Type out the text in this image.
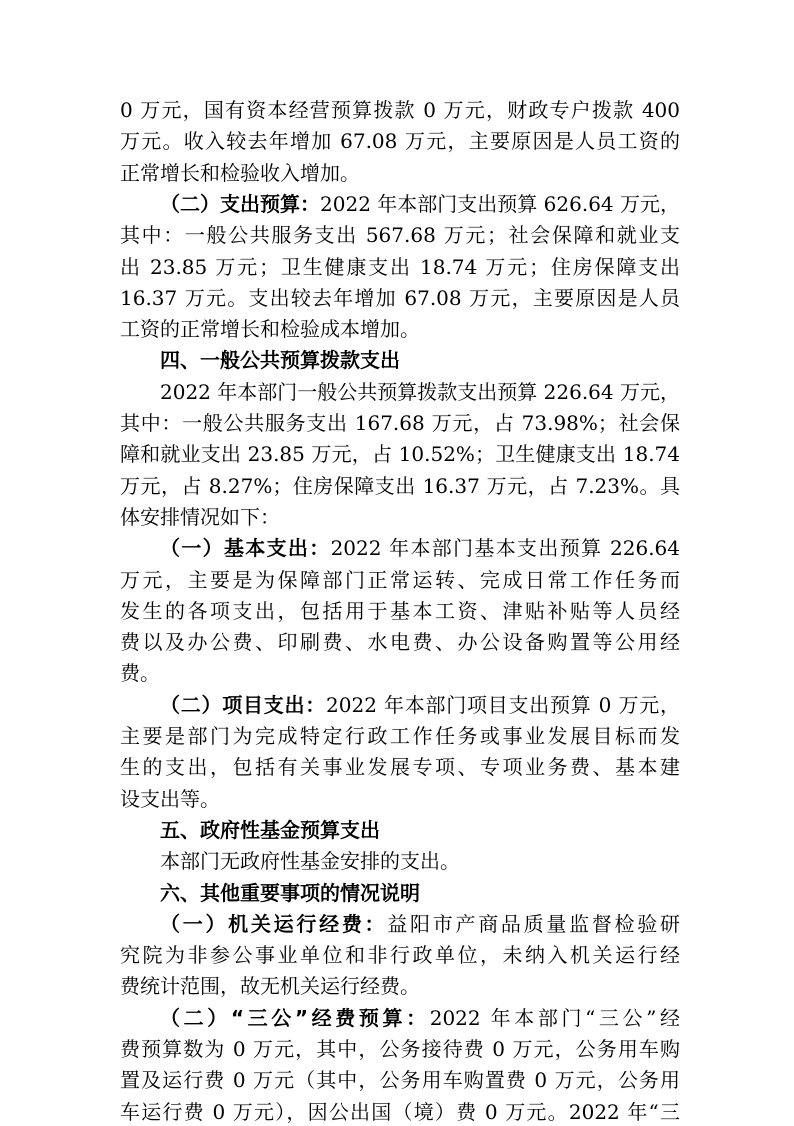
0 万元，国有资本经营预算拨款 0 万元，财政专户拨款 400
万元。收入较去年增加 67.08 万元，主要原因是人员工资的
正常增长和检验收入增加。
（二）支出预算：2022 年本部门支出预算 626.64 万元，
其中：一般公共服务支出 567.68 万元；社会保障和就业支
出 23.85 万元；卫生健康支出 18.74 万元；住房保障支出
16.37 万元。支出较去年增加 67.08 万元，主要原因是人员
工资的正常增长和检验成本增加。
四、一般公共预算拨款支出
2022 年本部门一般公共预算拨款支出预算 226.64 万元，
其中：一般公共服务支出 167.68 万元，占 73.98%；社会保
障和就业支出 23.85 万元，占 10.52%；卫生健康支出 18.74
万元，占 8.27%；住房保障支出 16.37 万元，占 7.23%。具
体安排情况如下：
（一）基本支出：2022 年本部门基本支出预算 226.64
万元，主要是为保障部门正常运转、完成日常工作任务而
发生的各项支出，包括用于基本工资、津贴补贴等人员经
费以及办公费、印刷费、水电费、办公设备购置等公用经
费。
（二）项目支出：2022 年本部门项目支出预算 0 万元，
主要是部门为完成特定行政工作任务或事业发展目标而发
生的支出，包括有关事业发展专项、专项业务费、基本建
设支出等。
五、政府性基金预算支出
本部门无政府性基金安排的支出。
六、其他重要事项的情况说明
（一）机关运行经费：益阳市产商品质量监督检验研
究院为非参公事业单位和非行政单位，未纳入机关运行经
费统计范围，故无机关运行经费。
（二）“三公”经费预算：2022 年本部门“三公”经
费预算数为 0 万元，其中，公务接待费 0 万元，公务用车购
置及运行费 0 万元（其中，公务用车购置费 0 万元，公务用
车运行费 0 万元），因公出国（境）费 0 万元。2022 年“三
